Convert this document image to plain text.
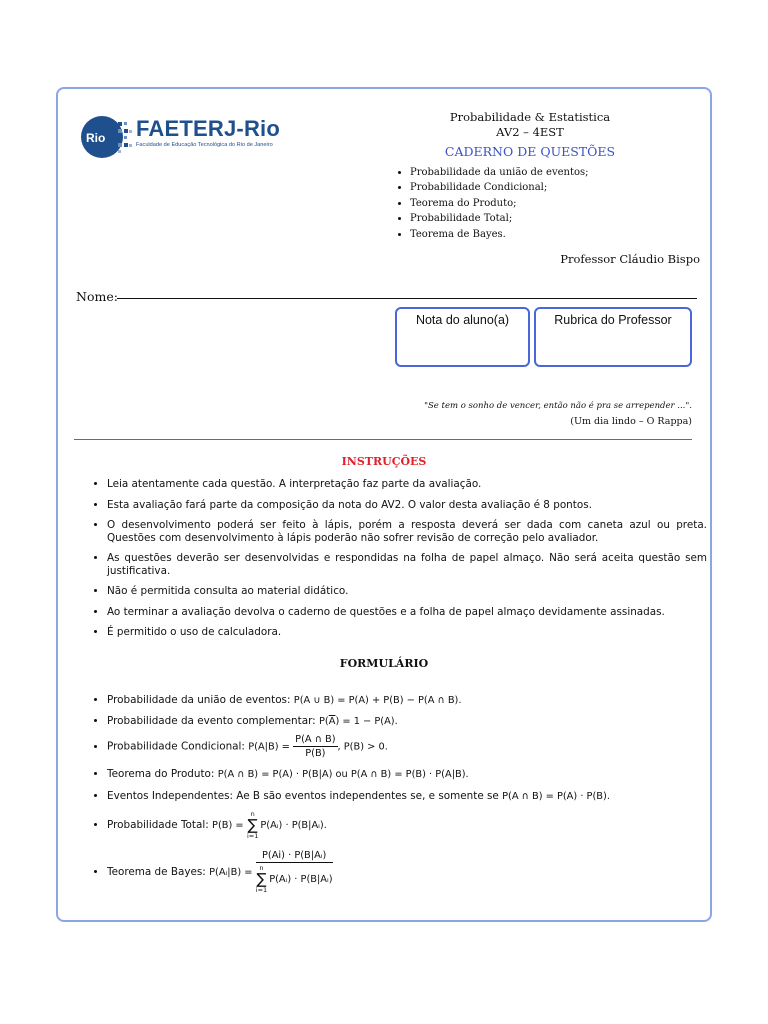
Rio FAETERJ-Rio
Faculdade de Educação Tecnológica do Rio de Janeiro
Probabilidade & Estatistica
AV2 – 4EST
CADERNO DE QUESTÕES
• Probabilidade da união de eventos;
• Probabilidade Condicional;
• Teorema do Produto;
• Probabilidade Total;
• Teorema de Bayes.
Professor Cláudio Bispo
Nome:
Nota do aluno(a)	Rubrica do Professor
"Se tem o sonho de vencer, então não é pra se arrepender ...".
(Um dia lindo – O Rappa)
INSTRUÇÕES
• Leia atentamente cada questão. A interpretação faz parte da avaliação.
• Esta avaliação fará parte da composição da nota do AV2. O valor desta avaliação é 8 pontos.
• O desenvolvimento poderá ser feito à lápis, porém a resposta deverá ser dada com caneta azul ou preta. Questões com desenvolvimento à lápis poderão não sofrer revisão de correção pelo avaliador.
• As questões deverão ser desenvolvidas e respondidas na folha de papel almaço. Não será aceita questão sem justificativa.
• Não é permitida consulta ao material didático.
• Ao terminar a avaliação devolva o caderno de questões e a folha de papel almaço devidamente assinadas.
• É permitido o uso de calculadora.
FORMULÁRIO
• Probabilidade da união de eventos: P(A ∪ B) = P(A) + P(B) − P(A ∩ B).
• Probabilidade da evento complementar: $P(\overline{A}) = 1 - P(A)$.
• Probabilidade Condicional: $P(A|B) = \frac{P(A \cap B)}{P(B)}$ , P(B) > 0.
• Teorema do Produto: P(A ∩ B) = P(A) · P(B|A) ou P(A ∩ B) = P(B) · P(A|B).
• Eventos Independentes: Ae B são eventos independentes se, e somente se P(A ∩ B) = P(A) · P(B).
• Probabilidade Total: P(B) =
n
∑
i=1
P(Aᵢ) · P(B|Aᵢ).
• Teorema de Bayes: P(Aᵢ|B) = P(Ai) · P(B|Aᵢ)
n
∑
i=1
P(Aᵢ) · P(B|Aᵢ)
